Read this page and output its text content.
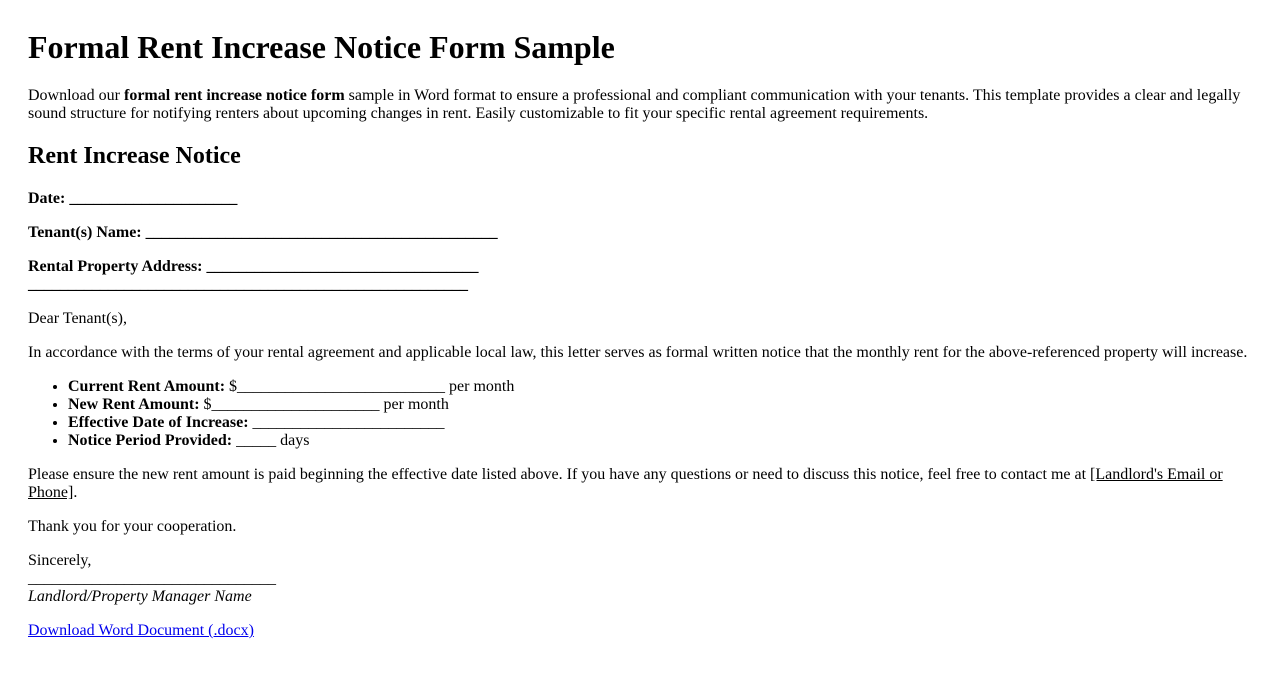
Formal Rent Increase Notice Form Sample

Download our formal rent increase notice form sample in Word format to ensure a professional and compliant communication with your tenants. This template provides a clear and legally sound structure for notifying renters about upcoming changes in rent. Easily customizable to fit your specific rental agreement requirements.

Rent Increase Notice

Date: _____________________

Tenant(s) Name: ____________________________________________

Rental Property Address: __________________________________
_______________________________________________________

Dear Tenant(s),

In accordance with the terms of your rental agreement and applicable local law, this letter serves as formal written notice that the monthly rent for the above-referenced property will increase.

• Current Rent Amount: $__________________________ per month
• New Rent Amount: $_____________________ per month
• Effective Date of Increase: ________________________
• Notice Period Provided: _____ days

Please ensure the new rent amount is paid beginning the effective date listed above. If you have any questions or need to discuss this notice, feel free to contact me at [Landlord's Email or Phone].

Thank you for your cooperation.

Sincerely,
_______________________________
Landlord/Property Manager Name

Download Word Document (.docx)
